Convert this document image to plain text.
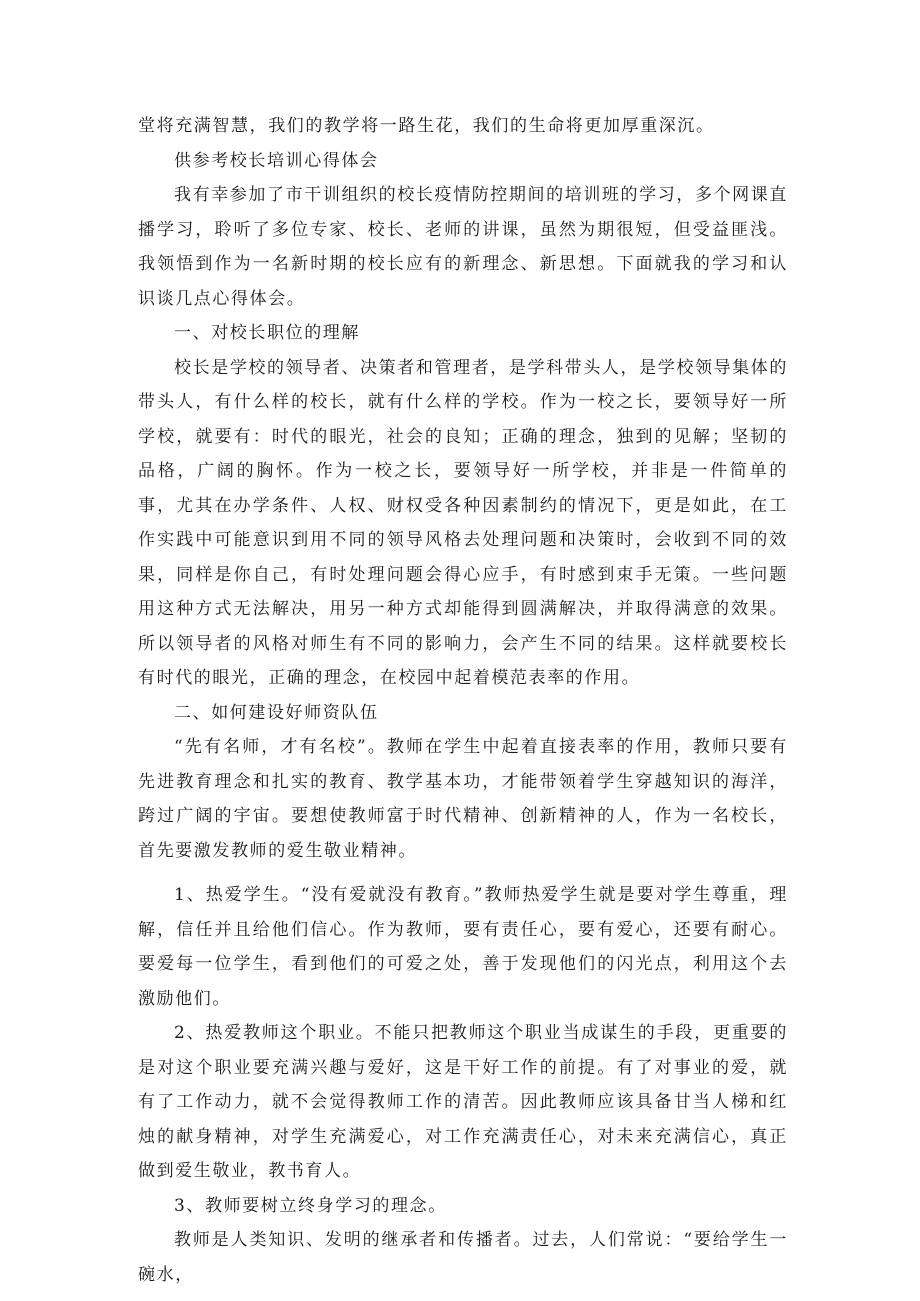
堂将充满智慧，我们的教学将一路生花，我们的生命将更加厚重深沉。

供参考校长培训心得体会

我有幸参加了市干训组织的校长疫情防控期间的培训班的学习，多个网课直播学习，聆听了多位专家、校长、老师的讲课，虽然为期很短，但受益匪浅。我领悟到作为一名新时期的校长应有的新理念、新思想。下面就我的学习和认识谈几点心得体会。

一、对校长职位的理解

校长是学校的领导者、决策者和管理者，是学科带头人，是学校领导集体的带头人，有什么样的校长，就有什么样的学校。作为一校之长，要领导好一所学校，就要有：时代的眼光，社会的良知；正确的理念，独到的见解；坚韧的品格，广阔的胸怀。作为一校之长，要领导好一所学校，并非是一件简单的事，尤其在办学条件、人权、财权受各种因素制约的情况下，更是如此，在工作实践中可能意识到用不同的领导风格去处理问题和决策时，会收到不同的效果，同样是你自己，有时处理问题会得心应手，有时感到束手无策。一些问题用这种方式无法解决，用另一种方式却能得到圆满解决，并取得满意的效果。所以领导者的风格对师生有不同的影响力，会产生不同的结果。这样就要校长有时代的眼光，正确的理念，在校园中起着模范表率的作用。

二、如何建设好师资队伍

“先有名师，才有名校”。教师在学生中起着直接表率的作用，教师只要有先进教育理念和扎实的教育、教学基本功，才能带领着学生穿越知识的海洋，跨过广阔的宇宙。要想使教师富于时代精神、创新精神的人，作为一名校长，首先要激发教师的爱生敬业精神。

1、热爱学生。“没有爱就没有教育。”教师热爱学生就是要对学生尊重，理解，信任并且给他们信心。作为教师，要有责任心，要有爱心，还要有耐心。要爱每一位学生，看到他们的可爱之处，善于发现他们的闪光点，利用这个去激励他们。

2、热爱教师这个职业。不能只把教师这个职业当成谋生的手段，更重要的是对这个职业要充满兴趣与爱好，这是干好工作的前提。有了对事业的爱，就有了工作动力，就不会觉得教师工作的清苦。因此教师应该具备甘当人梯和红烛的献身精神，对学生充满爱心，对工作充满责任心，对未来充满信心，真正做到爱生敬业，教书育人。

3、教师要树立终身学习的理念。

教师是人类知识、发明的继承者和传播者。过去，人们常说：“要给学生一碗水，
